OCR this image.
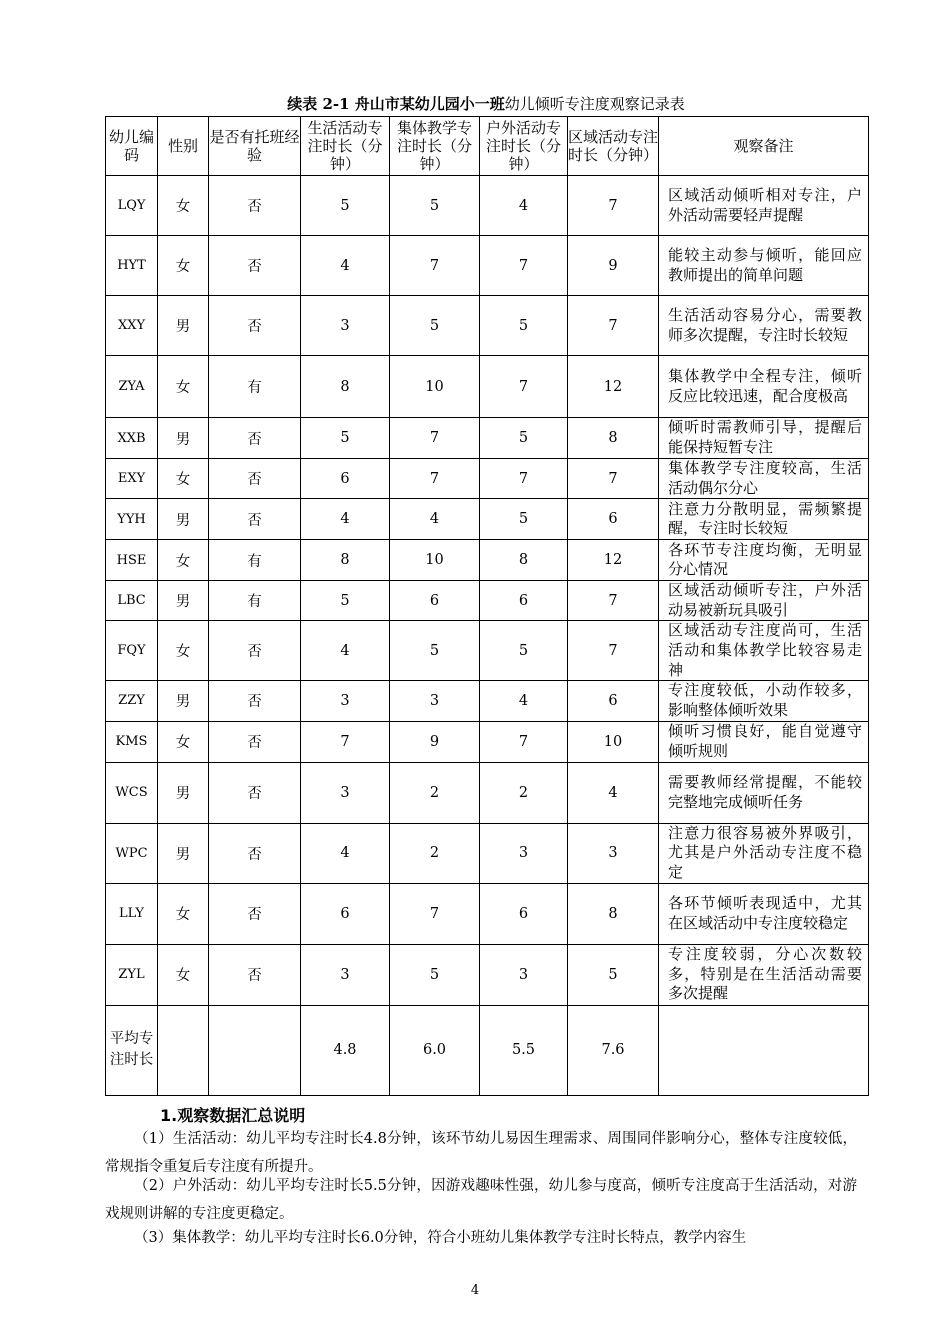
续表 2-1 舟山市某幼儿园小一班幼儿倾听专注度观察记录表
幼儿编码	性别	是否有托班经验	生活活动专注时长（分钟）	集体教学专注时长（分钟）	户外活动专注时长（分钟）	区域活动专注时长（分钟）	观察备注
LQY	女	否	5	5	4	7	区域活动倾听相对专注，户外活动需要轻声提醒
HYT	女	否	4	7	7	9	能较主动参与倾听，能回应教师提出的简单问题
XXY	男	否	3	5	5	7	生活活动容易分心，需要教师多次提醒，专注时长较短
ZYA	女	有	8	10	7	12	集体教学中全程专注，倾听反应比较迅速，配合度极高
XXB	男	否	5	7	5	8	倾听时需教师引导，提醒后能保持短暂专注
EXY	女	否	6	7	7	7	集体教学专注度较高，生活活动偶尔分心
YYH	男	否	4	4	5	6	注意力分散明显，需频繁提醒，专注时长较短
HSE	女	有	8	10	8	12	各环节专注度均衡，无明显分心情况
LBC	男	有	5	6	6	7	区域活动倾听专注，户外活动易被新玩具吸引
FQY	女	否	4	5	5	7	区域活动专注度尚可，生活活动和集体教学比较容易走神
ZZY	男	否	3	3	4	6	专注度较低，小动作较多，影响整体倾听效果
KMS	女	否	7	9	7	10	倾听习惯良好，能自觉遵守倾听规则
WCS	男	否	3	2	2	4	需要教师经常提醒，不能较完整地完成倾听任务
WPC	男	否	4	2	3	3	注意力很容易被外界吸引，尤其是户外活动专注度不稳定
LLY	女	否	6	7	6	8	各环节倾听表现适中，尤其在区域活动中专注度较稳定
ZYL	女	否	3	5	3	5	专注度较弱，分心次数较多，特别是在生活活动需要多次提醒
平均专注时长			4.8	6.0	5.5	7.6	
1.观察数据汇总说明
（1）生活活动：幼儿平均专注时长4.8分钟，该环节幼儿易因生理需求、周围同伴影响分心，整体专注度较低，常规指令重复后专注度有所提升。
（2）户外活动：幼儿平均专注时长5.5分钟，因游戏趣味性强，幼儿参与度高，倾听专注度高于生活活动，对游戏规则讲解的专注度更稳定。
（3）集体教学：幼儿平均专注时长6.0分钟，符合小班幼儿集体教学专注时长特点，教学内容生
4
